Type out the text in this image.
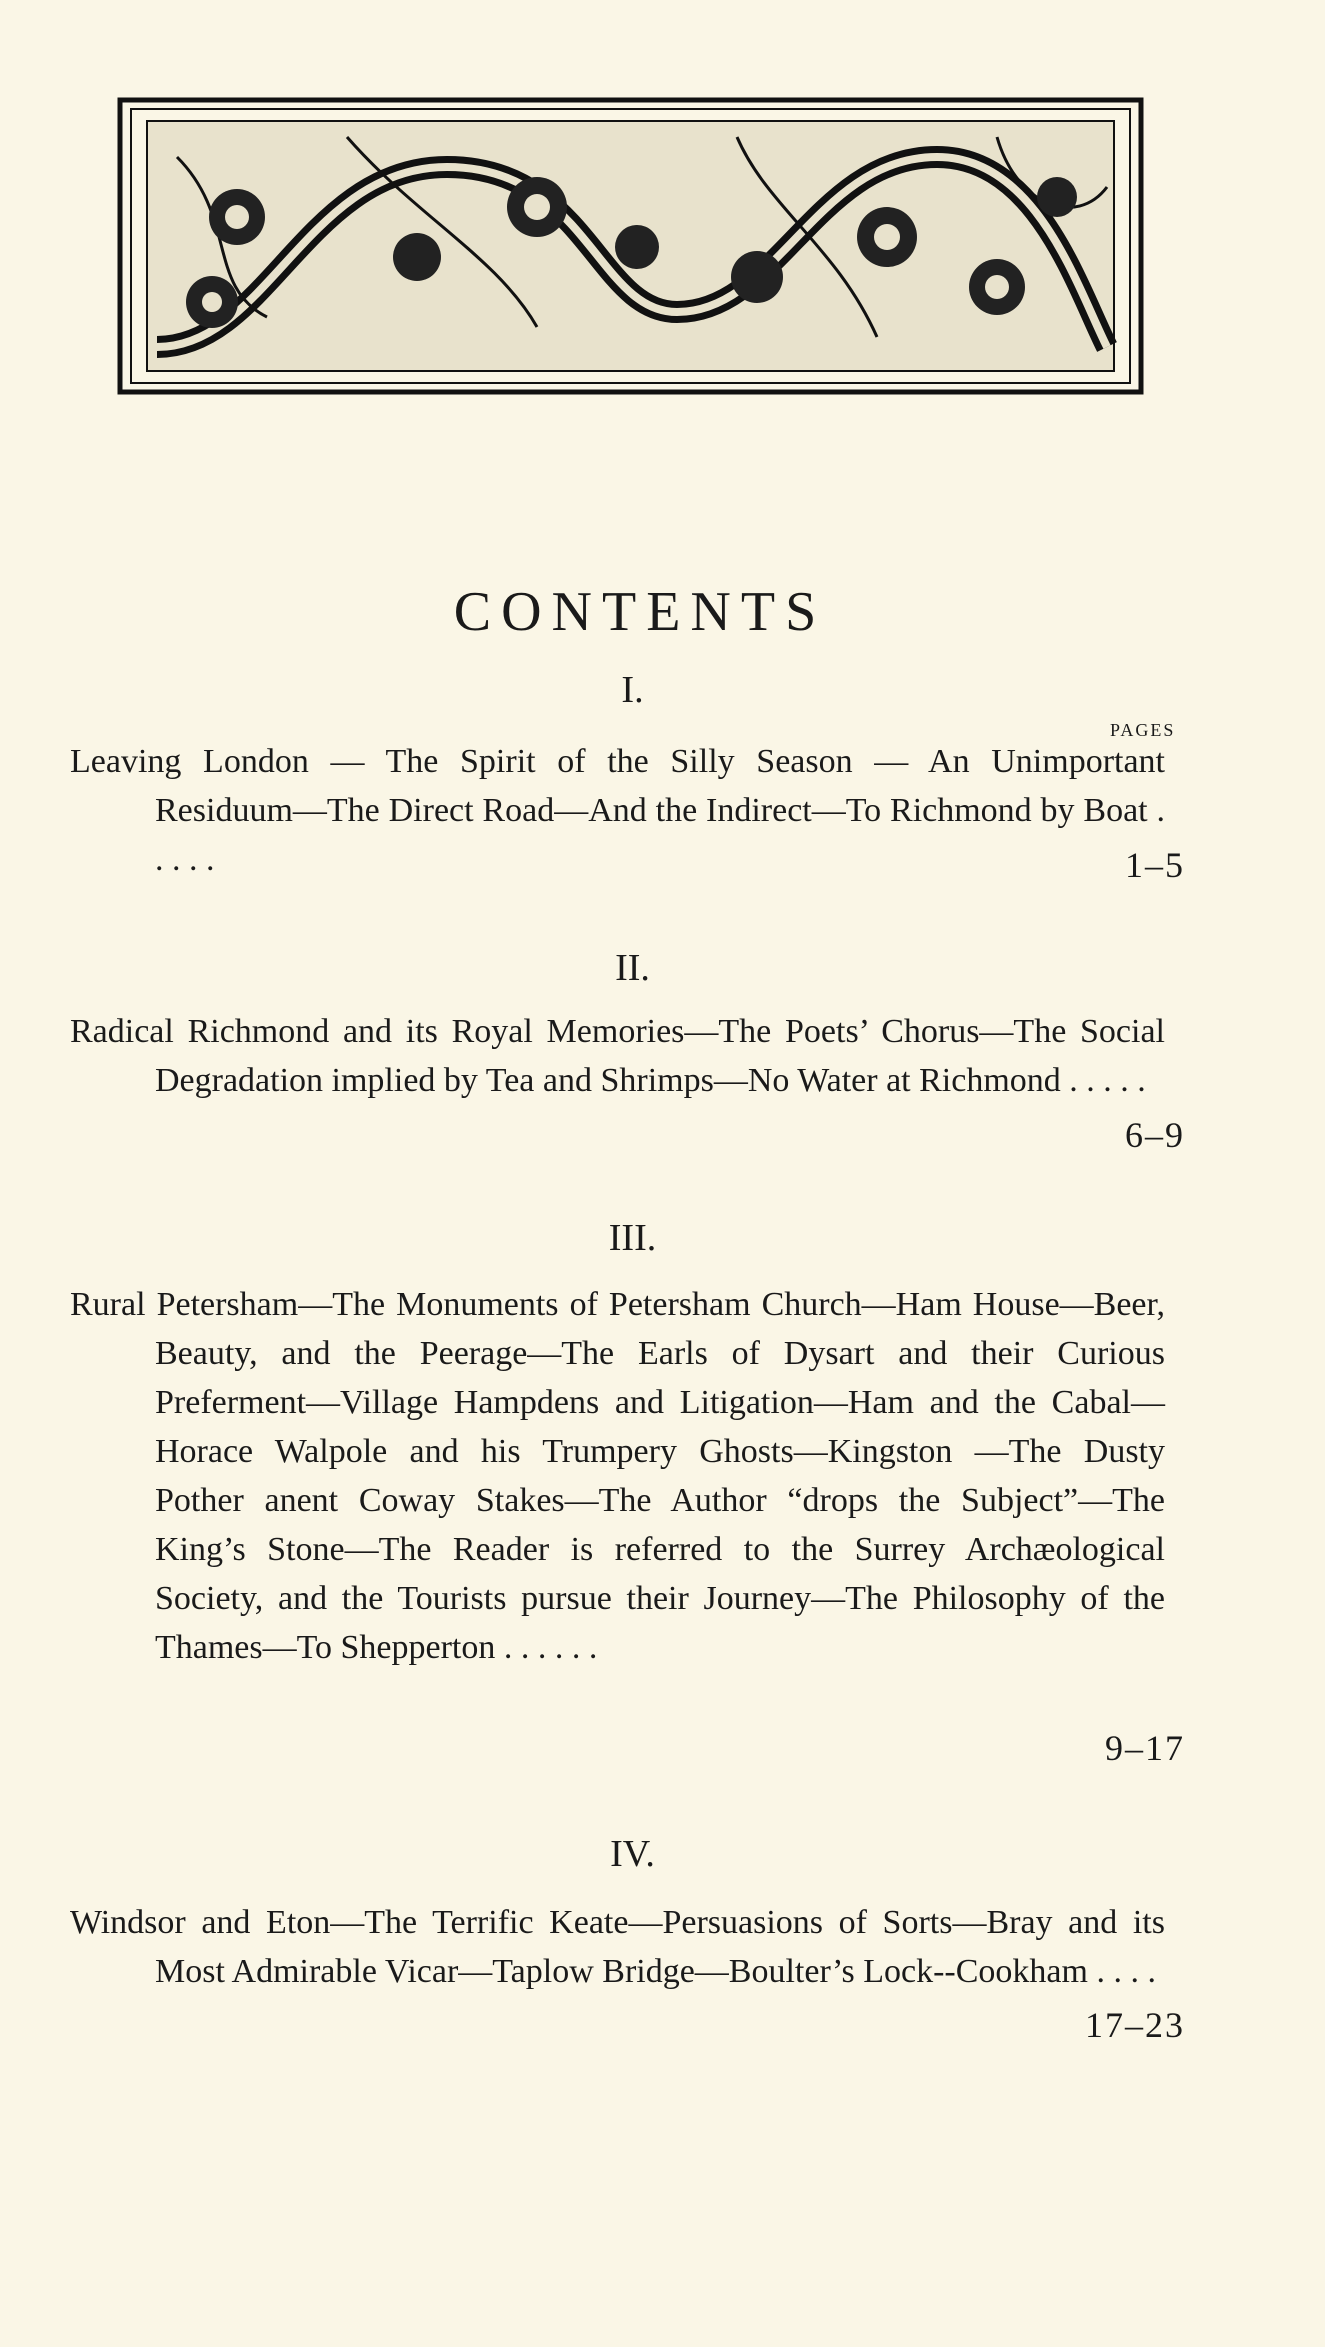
CONTENTS
PAGES
I.
Leaving London — The Spirit of the Silly Season — An Unimportant Residuum—The Direct Road—And the Indirect—To Richmond by Boat . . . . .	1–5
II.
Radical Richmond and its Royal Memories—The Poets’ Chorus—The Social Degradation implied by Tea and Shrimps—No Water at Richmond . . . . .
6–9
III.
Rural Petersham—The Monuments of Petersham Church—Ham House—Beer, Beauty, and the Peerage—The Earls of Dysart and their Curious Preferment—Village Hampdens and Litigation—Ham and the Cabal—Horace Walpole and his Trumpery Ghosts—Kingston —The Dusty Pother anent Coway Stakes—The Author “drops the Subject”—The King’s Stone—The Reader is referred to the Surrey Archæological Society, and the Tourists pursue their Journey—The Philosophy of the Thames—To Shepperton . . . . . .
9–17
IV.
Windsor and Eton—The Terrific Keate—Persuasions of Sorts—Bray and its Most Admirable Vicar—Taplow Bridge—Boulter’s Lock--Cookham . . . .
17–23
